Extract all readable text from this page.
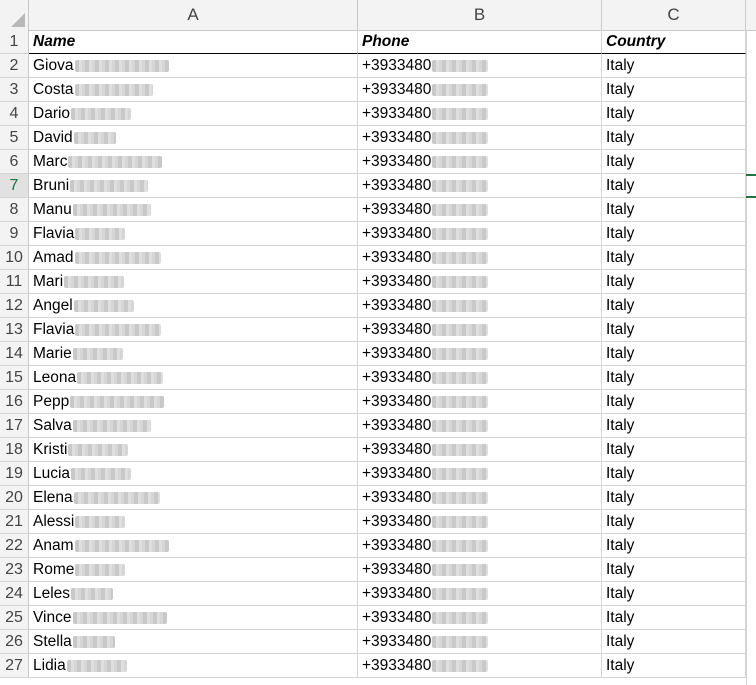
A	B	C
1 Name	Phone	Country
2 Giova	+3933480	Italy
3 Costa	+3933480	Italy
4 Dario	+3933480	Italy
5 David	+3933480	Italy
6 Marc	+3933480	Italy
7 Bruni	+3933480	Italy
8 Manu	+3933480	Italy
9 Flavia	+3933480	Italy
10 Amad	+3933480	Italy
11 Mari	+3933480	Italy
12 Angel	+3933480	Italy
13 Flavia	+3933480	Italy
14 Marie	+3933480	Italy
15 Leona	+3933480	Italy
16 Pepp	+3933480	Italy
17 Salva	+3933480	Italy
18 Kristi	+3933480	Italy
19 Lucia	+3933480	Italy
20 Elena	+3933480	Italy
21 Alessi	+3933480	Italy
22 Anam	+3933480	Italy
23 Rome	+3933480	Italy
24 Leles	+3933480	Italy
25 Vince	+3933480	Italy
26 Stella	+3933480	Italy
27 Lidia	+3933480	Italy
